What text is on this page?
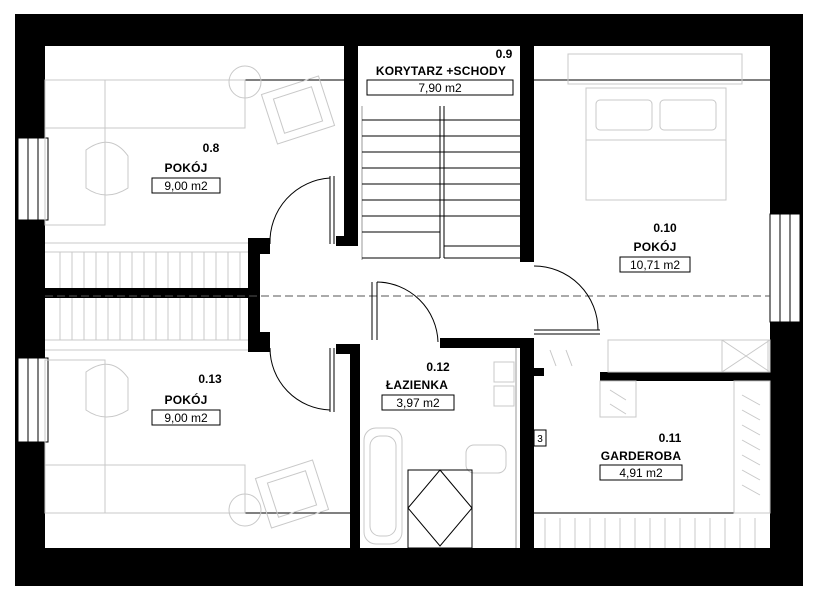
3
0.8
POKÓJ
9,00 m2
0.9
KORYTARZ +SCHODY
7,90 m2
0.10
POKÓJ
10,71 m2
0.11
GARDEROBA
4,91 m2
0.12
ŁAZIENKA
3,97 m2
0.13
POKÓJ
9,00 m2
